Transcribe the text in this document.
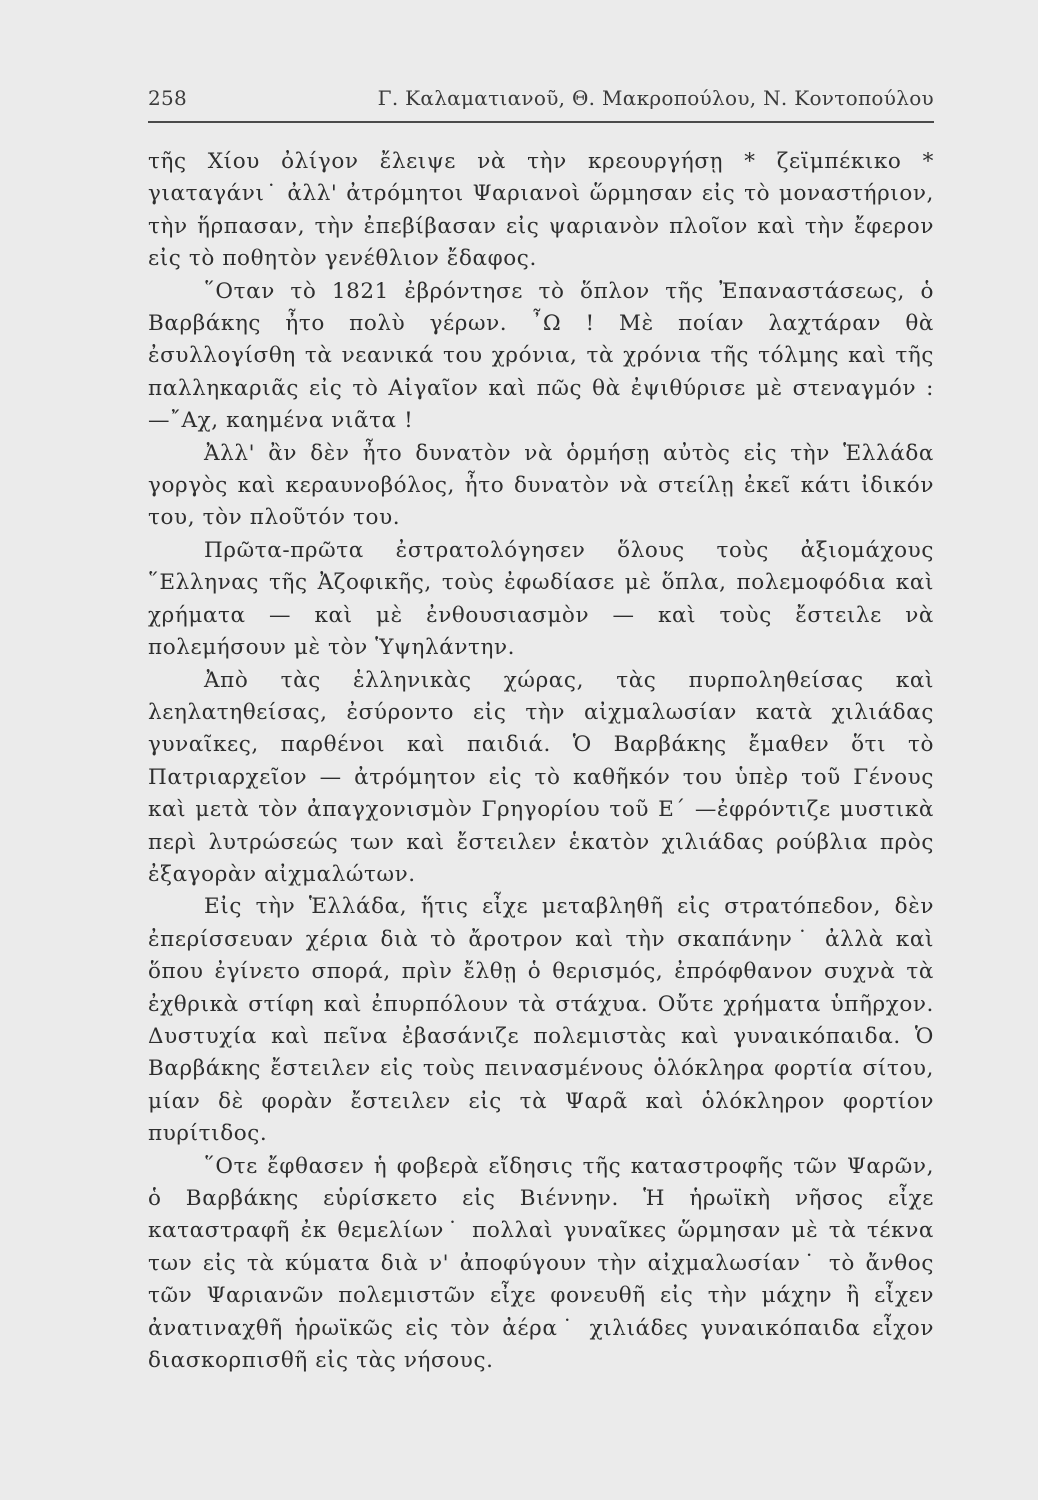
258	Γ. Καλαματιανοῦ, Θ. Μακροπούλου, Ν. Κοντοπούλου

τῆς Χίου ὀλίγον ἔλειψε νὰ τὴν κρεουργήσῃ * ζεϊμπέκικο * γιαταγάνι˙ ἀλλ' ἀτρόμητοι Ψαριανοὶ ὥρμησαν εἰς τὸ μοναστήριον, τὴν ἥρπασαν, τὴν ἐπεβίβασαν εἰς ψαριανὸν πλοῖον καὶ τὴν ἔφερον εἰς τὸ ποθητὸν γενέθλιον ἔδαφος.

῞Οταν τὸ 1821 ἐβρόντησε τὸ ὅπλον τῆς Ἐπαναστάσεως, ὁ Βαρβάκης ἦτο πολὺ γέρων. ῏Ω ! Μὲ ποίαν λαχτάραν θὰ ἐσυλλογίσθη τὰ νεανικά του χρόνια, τὰ χρόνια τῆς τόλμης καὶ τῆς παλληκαριᾶς εἰς τὸ Αἰγαῖον καὶ πῶς θὰ ἐψιθύρισε μὲ στεναγμόν : —῎Αχ, καημένα νιᾶτα !

Ἀλλ' ἂν δὲν ἦτο δυνατὸν νὰ ὁρμήσῃ αὐτὸς εἰς τὴν Ἑλλάδα γοργὸς καὶ κεραυνοβόλος, ἦτο δυνατὸν νὰ στείλῃ ἐκεῖ κάτι ἰδικόν του, τὸν πλοῦτόν του.

Πρῶτα-πρῶτα ἐστρατολόγησεν ὅλους τοὺς ἀξιομάχους ῞Ελληνας τῆς Ἀζοφικῆς, τοὺς ἐφωδίασε μὲ ὅπλα, πολεμοφόδια καὶ χρήματα — καὶ μὲ ἐνθουσιασμὸν — καὶ τοὺς ἔστειλε νὰ πολεμήσουν μὲ τὸν Ὑψηλάντην.

Ἀπὸ τὰς ἑλληνικὰς χώρας, τὰς πυρποληθείσας καὶ λεηλατηθείσας, ἐσύροντο εἰς τὴν αἰχμαλωσίαν κατὰ χιλιάδας γυναῖκες, παρθένοι καὶ παιδιά. Ὁ Βαρβάκης ἔμαθεν ὅτι τὸ Πατριαρχεῖον — ἀτρόμητον εἰς τὸ καθῆκόν του ὑπὲρ τοῦ Γένους καὶ μετὰ τὸν ἀπαγχονισμὸν Γρηγορίου τοῦ Ε΄ —ἐφρόντιζε μυστικὰ περὶ λυτρώσεώς των καὶ ἔστειλεν ἑκατὸν χιλιάδας ρούβλια πρὸς ἐξαγορὰν αἰχμαλώτων.

Εἰς τὴν Ἑλλάδα, ἥτις εἶχε μεταβληθῆ εἰς στρατόπεδον, δὲν ἐπερίσσευαν χέρια διὰ τὸ ἄροτρον καὶ τὴν σκαπάνην˙ ἀλλὰ καὶ ὅπου ἐγίνετο σπορά, πρὶν ἔλθῃ ὁ θερισμός, ἐπρόφθανον συχνὰ τὰ ἐχθρικὰ στίφη καὶ ἐπυρπόλουν τὰ στάχυα. Οὔτε χρήματα ὑπῆρχον. Δυστυχία καὶ πεῖνα ἐβασάνιζε πολεμιστὰς καὶ γυναικόπαιδα. Ὁ Βαρβάκης ἔστειλεν εἰς τοὺς πεινασμένους ὁλόκληρα φορτία σίτου, μίαν δὲ φορὰν ἔστειλεν εἰς τὰ Ψαρᾶ καὶ ὁλόκληρον φορτίον πυρίτιδος.

῞Οτε ἔφθασεν ἡ φοβερὰ εἴδησις τῆς καταστροφῆς τῶν Ψαρῶν, ὁ Βαρβάκης εὑρίσκετο εἰς Βιέννην. Ἡ ἡρωϊκὴ νῆσος εἶχε καταστραφῆ ἐκ θεμελίων˙ πολλαὶ γυναῖκες ὥρμησαν μὲ τὰ τέκνα των εἰς τὰ κύματα διὰ ν' ἀποφύγουν τὴν αἰχμαλωσίαν˙ τὸ ἄνθος τῶν Ψαριανῶν πολεμιστῶν εἶχε φονευθῆ εἰς τὴν μάχην ἢ εἶχεν ἀνατιναχθῆ ἡρωϊκῶς εἰς τὸν ἀέρα˙ χιλιάδες γυναικόπαιδα εἶχον διασκορπισθῆ εἰς τὰς νήσους.
